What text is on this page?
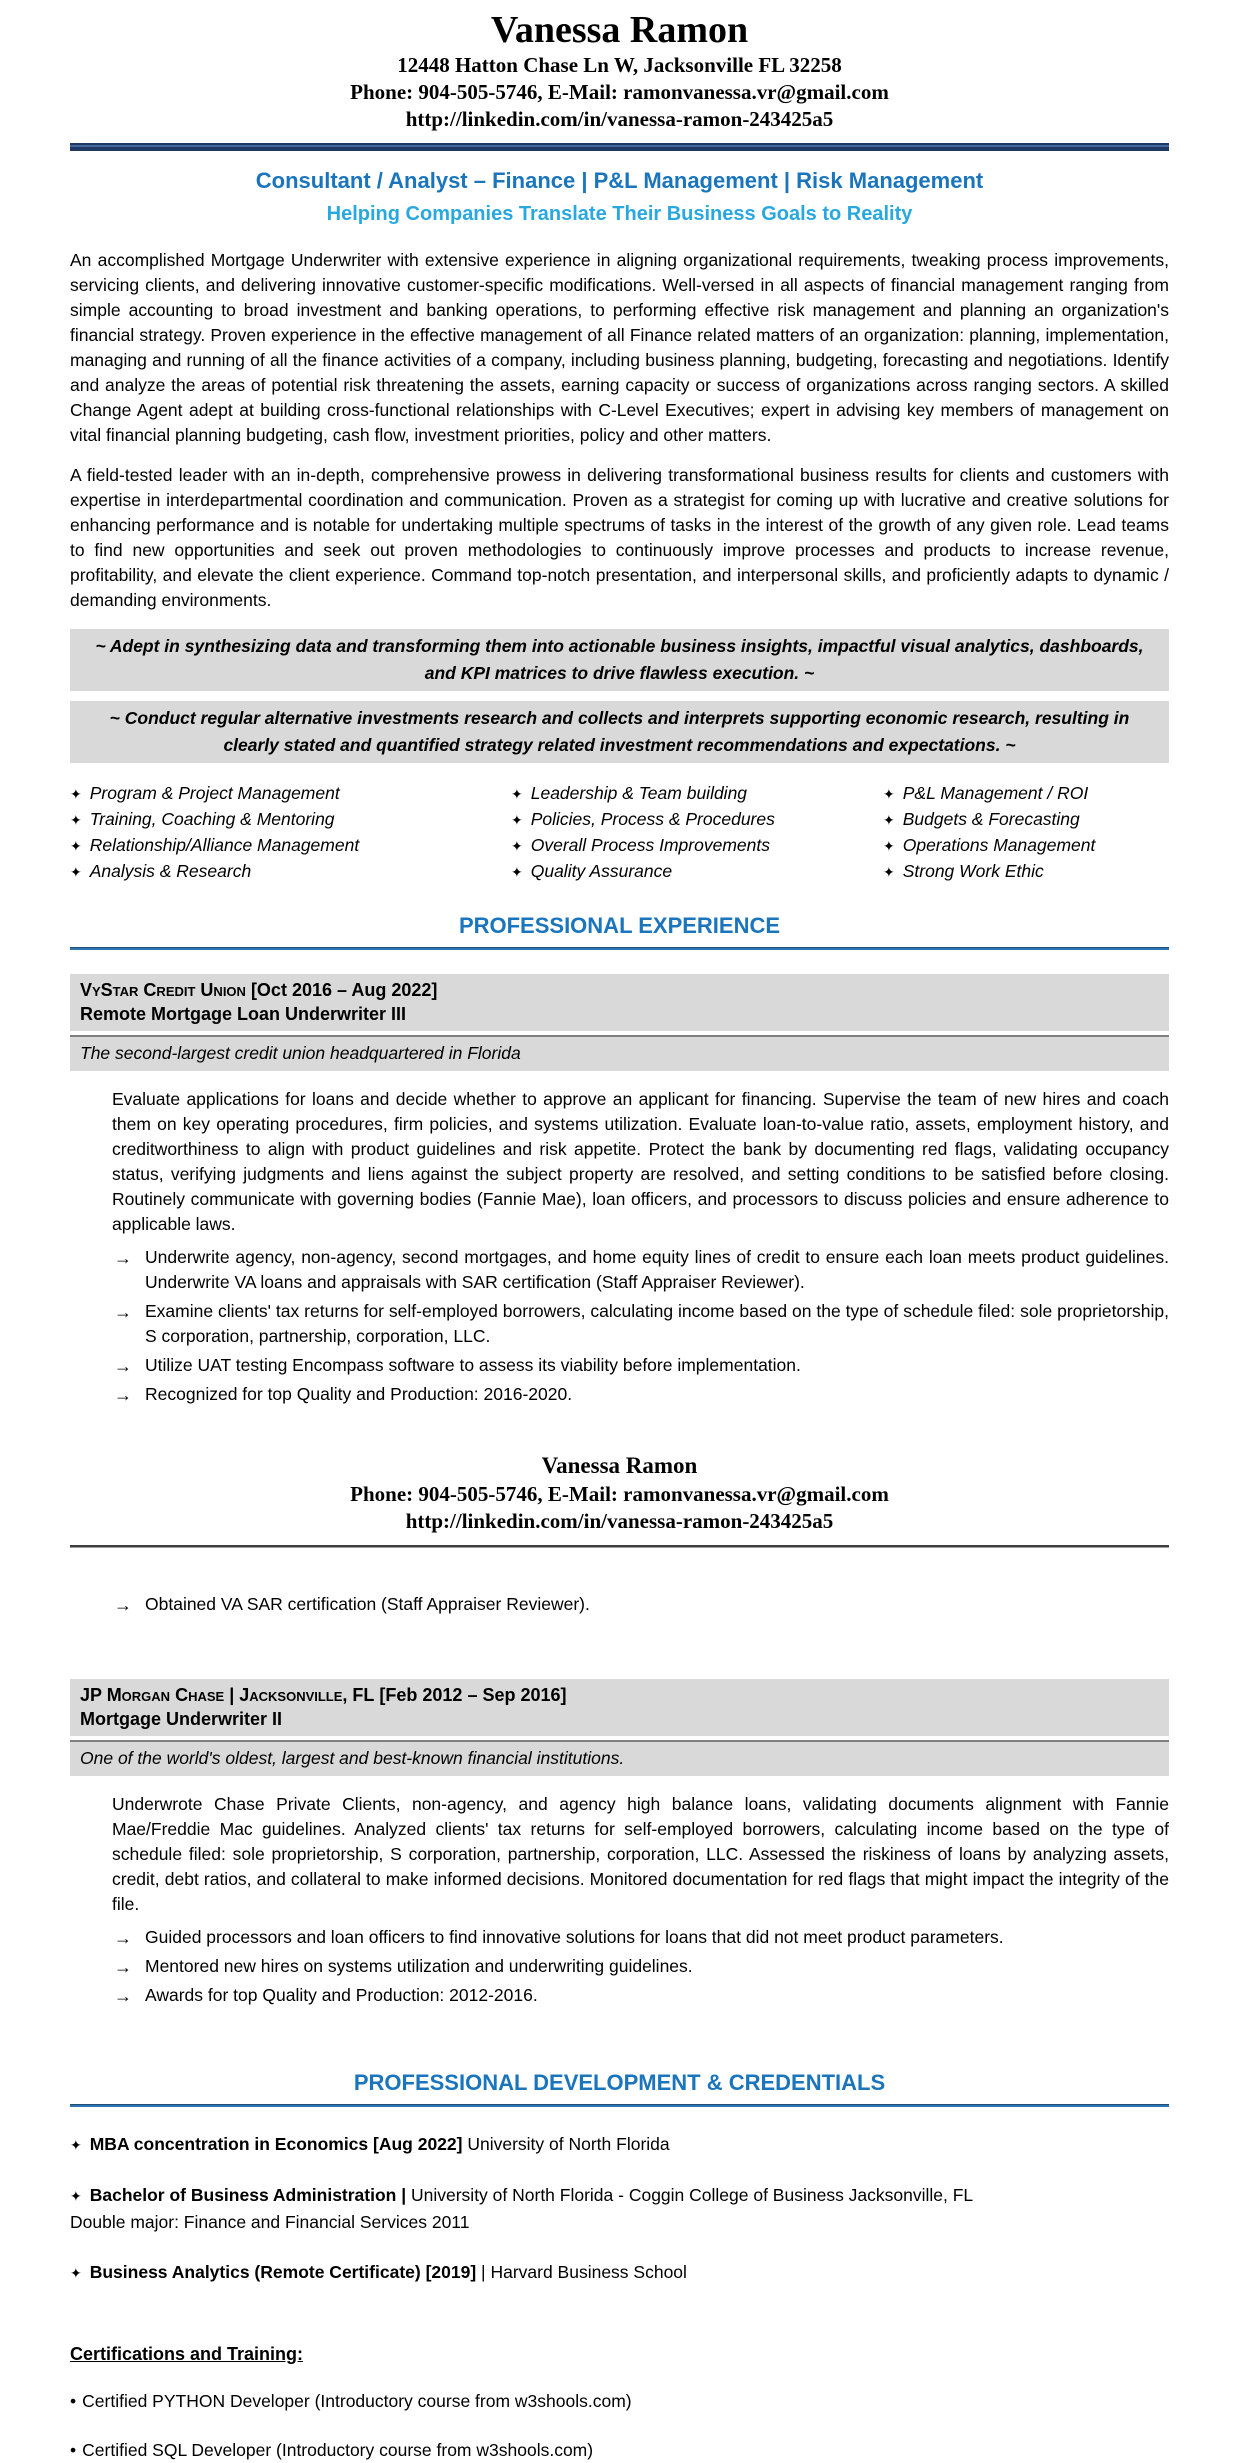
Vanessa Ramon
12448 Hatton Chase Ln W, Jacksonville FL 32258
Phone: 904-505-5746, E-Mail: ramonvanessa.vr@gmail.com
http://linkedin.com/in/vanessa-ramon-243425a5
Consultant / Analyst – Finance | P&L Management | Risk Management
Helping Companies Translate Their Business Goals to Reality
An accomplished Mortgage Underwriter with extensive experience in aligning organizational requirements, tweaking process improvements, servicing clients, and delivering innovative customer-specific modifications. Well-versed in all aspects of financial management ranging from simple accounting to broad investment and banking operations, to performing effective risk management and planning an organization's financial strategy. Proven experience in the effective management of all Finance related matters of an organization: planning, implementation, managing and running of all the finance activities of a company, including business planning, budgeting, forecasting and negotiations. Identify and analyze the areas of potential risk threatening the assets, earning capacity or success of organizations across ranging sectors. A skilled Change Agent adept at building cross-functional relationships with C-Level Executives; expert in advising key members of management on vital financial planning budgeting, cash flow, investment priorities, policy and other matters.
A field-tested leader with an in-depth, comprehensive prowess in delivering transformational business results for clients and customers with expertise in interdepartmental coordination and communication. Proven as a strategist for coming up with lucrative and creative solutions for enhancing performance and is notable for undertaking multiple spectrums of tasks in the interest of the growth of any given role. Lead teams to find new opportunities and seek out proven methodologies to continuously improve processes and products to increase revenue, profitability, and elevate the client experience. Command top-notch presentation, and interpersonal skills, and proficiently adapts to dynamic / demanding environments.
~ Adept in synthesizing data and transforming them into actionable business insights, impactful visual analytics, dashboards, and KPI matrices to drive flawless execution. ~
~ Conduct regular alternative investments research and collects and interprets supporting economic research, resulting in clearly stated and quantified strategy related investment recommendations and expectations. ~
✦ Program & Project Management
✦ Training, Coaching & Mentoring
✦ Relationship/Alliance Management
✦ Analysis & Research
✦ Leadership & Team building
✦ Policies, Process & Procedures
✦ Overall Process Improvements
✦ Quality Assurance
✦ P&L Management / ROI
✦ Budgets & Forecasting
✦ Operations Management
✦ Strong Work Ethic
PROFESSIONAL EXPERIENCE
VyStar Credit Union [Oct 2016 – Aug 2022]
Remote Mortgage Loan Underwriter III
The second-largest credit union headquartered in Florida
Evaluate applications for loans and decide whether to approve an applicant for financing. Supervise the team of new hires and coach them on key operating procedures, firm policies, and systems utilization. Evaluate loan-to-value ratio, assets, employment history, and creditworthiness to align with product guidelines and risk appetite. Protect the bank by documenting red flags, validating occupancy status, verifying judgments and liens against the subject property are resolved, and setting conditions to be satisfied before closing. Routinely communicate with governing bodies (Fannie Mae), loan officers, and processors to discuss policies and ensure adherence to applicable laws.
→ Underwrite agency, non-agency, second mortgages, and home equity lines of credit to ensure each loan meets product guidelines. Underwrite VA loans and appraisals with SAR certification (Staff Appraiser Reviewer).
→ Examine clients' tax returns for self-employed borrowers, calculating income based on the type of schedule filed: sole proprietorship, S corporation, partnership, corporation, LLC.
→ Utilize UAT testing Encompass software to assess its viability before implementation.
→ Recognized for top Quality and Production: 2016-2020.
Vanessa Ramon
Phone: 904-505-5746, E-Mail: ramonvanessa.vr@gmail.com
http://linkedin.com/in/vanessa-ramon-243425a5
→ Obtained VA SAR certification (Staff Appraiser Reviewer).
JP Morgan Chase | Jacksonville, FL [Feb 2012 – Sep 2016]
Mortgage Underwriter II
One of the world's oldest, largest and best-known financial institutions.
Underwrote Chase Private Clients, non-agency, and agency high balance loans, validating documents alignment with Fannie Mae/Freddie Mac guidelines. Analyzed clients' tax returns for self-employed borrowers, calculating income based on the type of schedule filed: sole proprietorship, S corporation, partnership, corporation, LLC. Assessed the riskiness of loans by analyzing assets, credit, debt ratios, and collateral to make informed decisions. Monitored documentation for red flags that might impact the integrity of the file.
→ Guided processors and loan officers to find innovative solutions for loans that did not meet product parameters.
→ Mentored new hires on systems utilization and underwriting guidelines.
→ Awards for top Quality and Production: 2012-2016.
PROFESSIONAL DEVELOPMENT & CREDENTIALS
✦ MBA concentration in Economics [Aug 2022] University of North Florida
✦ Bachelor of Business Administration | University of North Florida - Coggin College of Business Jacksonville, FL
Double major: Finance and Financial Services 2011
✦ Business Analytics (Remote Certificate) [2019] | Harvard Business School
Certifications and Training:
• Certified PYTHON Developer (Introductory course from w3shools.com)
• Certified SQL Developer (Introductory course from w3shools.com)
